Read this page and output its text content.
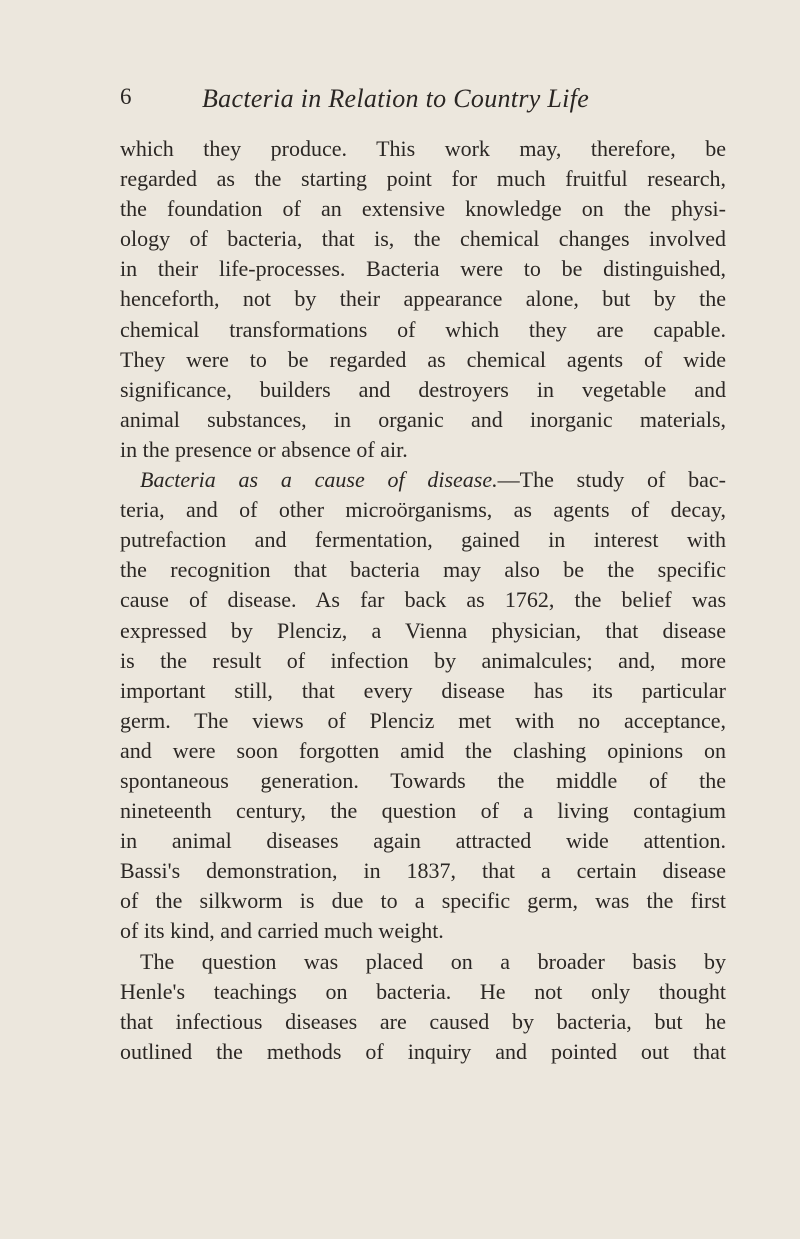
6	Bacteria in Relation to Country Life
which they produce. This work may, therefore, be
regarded as the starting point for much fruitful research,
the foundation of an extensive knowledge on the physi-
ology of bacteria, that is, the chemical changes involved
in their life-processes. Bacteria were to be distinguished,
henceforth, not by their appearance alone, but by the
chemical transformations of which they are capable.
They were to be regarded as chemical agents of wide
significance, builders and destroyers in vegetable and
animal substances, in organic and inorganic materials,
in the presence or absence of air.
Bacteria as a cause of disease.—The study of bac-
teria, and of other microörganisms, as agents of decay,
putrefaction and fermentation, gained in interest with
the recognition that bacteria may also be the specific
cause of disease. As far back as 1762, the belief was
expressed by Plenciz, a Vienna physician, that disease
is the result of infection by animalcules; and, more
important still, that every disease has its particular
germ. The views of Plenciz met with no acceptance,
and were soon forgotten amid the clashing opinions on
spontaneous generation. Towards the middle of the
nineteenth century, the question of a living contagium
in animal diseases again attracted wide attention.
Bassi's demonstration, in 1837, that a certain disease
of the silkworm is due to a specific germ, was the first
of its kind, and carried much weight.
The question was placed on a broader basis by
Henle's teachings on bacteria. He not only thought
that infectious diseases are caused by bacteria, but he
outlined the methods of inquiry and pointed out that
